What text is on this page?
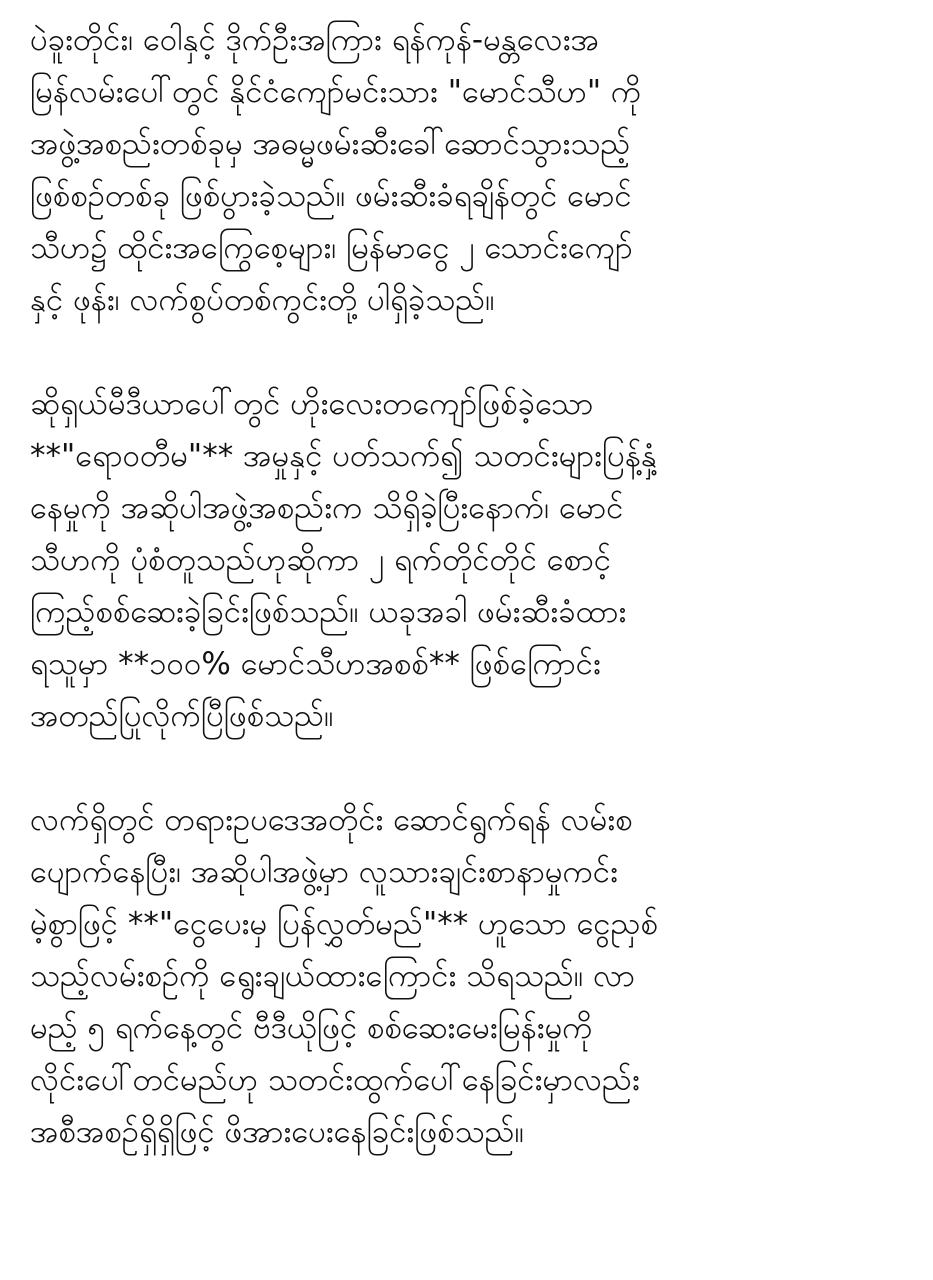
ပဲခူးတိုင်း၊ ဝေါနှင့် ဒိုက်ဦးအကြား ရန်ကုန်-မန္တလေးအ
မြန်လမ်းပေါ်တွင် နိုင်ငံကျော်မင်းသား "မောင်သီဟ" ကို
အဖွဲ့အစည်းတစ်ခုမှ အဓမ္မဖမ်းဆီးခေါ်ဆောင်သွားသည့်
ဖြစ်စဉ်တစ်ခု ဖြစ်ပွားခဲ့သည်။ ဖမ်းဆီးခံရချိန်တွင် မောင်
သီဟ၌ ထိုင်းအကြွေစေ့များ၊ မြန်မာငွေ ၂ သောင်းကျော်
နှင့် ဖုန်း၊ လက်စွပ်တစ်ကွင်းတို့ ပါရှိခဲ့သည်။
ဆိုရှယ်မီဒီယာပေါ်တွင် ဟိုးလေးတကျော်ဖြစ်ခဲ့သော
**"ရောဝတီမ"** အမှုနှင့် ပတ်သက်၍ သတင်းများပြန့်နှံ့
နေမှုကို အဆိုပါအဖွဲ့အစည်းက သိရှိခဲ့ပြီးနောက်၊ မောင်
သီဟကို ပုံစံတူသည်ဟုဆိုကာ ၂ ရက်တိုင်တိုင် စောင့်
ကြည့်စစ်ဆေးခဲ့ခြင်းဖြစ်သည်။ ယခုအခါ ဖမ်းဆီးခံထား
ရသူမှာ **၁၀၀% မောင်သီဟအစစ်** ဖြစ်ကြောင်း
အတည်ပြုလိုက်ပြီဖြစ်သည်။
လက်ရှိတွင် တရားဥပဒေအတိုင်း ဆောင်ရွက်ရန် လမ်းစ
ပျောက်နေပြီး၊ အဆိုပါအဖွဲ့မှာ လူသားချင်းစာနာမှုကင်း
မဲ့စွာဖြင့် **"ငွေပေးမှ ပြန်လွှတ်မည်"** ဟူသော ငွေညှစ်
သည့်လမ်းစဉ်ကို ရွေးချယ်ထားကြောင်း သိရသည်။ လာ
မည့် ၅ ရက်နေ့တွင် ဗီဒီယိုဖြင့် စစ်ဆေးမေးမြန်းမှုကို
လိုင်းပေါ်တင်မည်ဟု သတင်းထွက်ပေါ်နေခြင်းမှာလည်း
အစီအစဉ်ရှိရှိဖြင့် ဖိအားပေးနေခြင်းဖြစ်သည်။
